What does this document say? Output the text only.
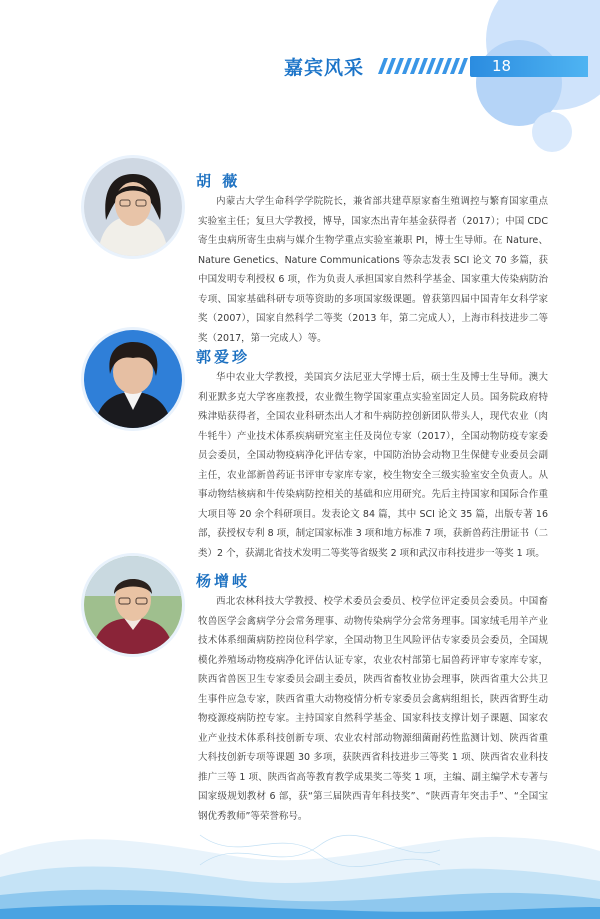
嘉宾风采	18
胡 薇

内蒙古大学生命科学学院院长，兼省部共建草原家畜生殖调控与繁育国家重点实验室主任；复旦大学教授，博导，国家杰出青年基金获得者（2017）；中国 CDC 寄生虫病所寄生虫病与媒介生物学重点实验室兼职 PI，博士生导师。在 Nature、Nature Genetics、Nature Communications 等杂志发表 SCI 论文 70 多篇，获中国发明专利授权 6 项，作为负责人承担国家自然科学基金、国家重大传染病防治专项、国家基础科研专项等资助的多项国家级课题。曾获第四届中国青年女科学家奖（2007），国家自然科学二等奖（2013 年，第二完成人），上海市科技进步二等奖（2017，第一完成人）等。

郭爱珍

华中农业大学教授，美国宾夕法尼亚大学博士后，硕士生及博士生导师。澳大利亚默多克大学客座教授，农业微生物学国家重点实验室固定人员。国务院政府特殊津贴获得者，全国农业科研杰出人才和牛病防控创新团队带头人，现代农业（肉牛牦牛）产业技术体系疾病研究室主任及岗位专家（2017），全国动物防疫专家委员会委员，全国动物疫病净化评估专家，中国防治协会动物卫生保健专业委员会副主任，农业部新兽药证书评审专家库专家，校生物安全三级实验室安全负责人。从事动物结核病和牛传染病防控相关的基础和应用研究。先后主持国家和国际合作重大项目等 20 余个科研项目。发表论文 84 篇，其中 SCI 论文 35 篇，出版专著 16 部，获授权专利 8 项，制定国家标准 3 项和地方标准 7 项，获新兽药注册证书（二类）2 个，获湖北省技术发明二等奖等省级奖 2 项和武汉市科技进步一等奖 1 项。

杨增岐

西北农林科技大学教授、校学术委员会委员、校学位评定委员会委员。中国畜牧兽医学会禽病学分会常务理事、动物传染病学分会常务理事。国家绒毛用羊产业技术体系细菌病防控岗位科学家，全国动物卫生风险评估专家委员会委员，全国规模化养殖场动物疫病净化评估认证专家，农业农村部第七届兽药评审专家库专家，陕西省兽医卫生专家委员会副主委员，陕西省畜牧业协会理事，陕西省重大公共卫生事件应急专家，陕西省重大动物疫情分析专家委员会禽病组组长，陕西省野生动物疫源疫病防控专家。主持国家自然科学基金、国家科技支撑计划子课题、国家农业产业技术体系科技创新专项、农业农村部动物源细菌耐药性监测计划、陕西省重大科技创新专项等课题 30 多项，获陕西省科技进步三等奖 1 项、陕西省农业科技推广三等 1 项、陕西省高等教育教学成果奖二等奖 1 项，主编、副主编学术专著与国家级规划教材 6 部，获“第三届陕西青年科技奖”、“陕西青年突击手”、“全国宝钢优秀教师”等荣誉称号。
